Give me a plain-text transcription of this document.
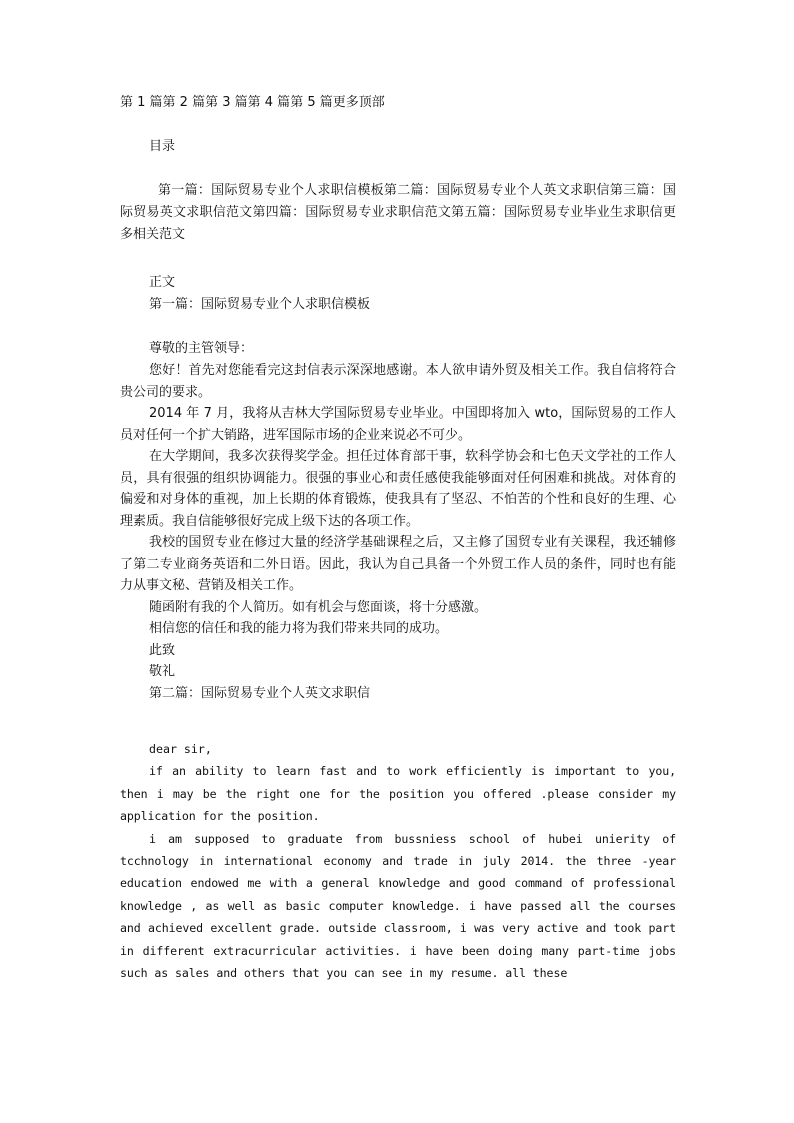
第 1 篇第 2 篇第 3 篇第 4 篇第 5 篇更多顶部
目录
第一篇：国际贸易专业个人求职信模板第二篇：国际贸易专业个人英文求职信第三篇：国际贸易英文求职信范文第四篇：国际贸易专业求职信范文第五篇：国际贸易专业毕业生求职信更多相关范文
正文
第一篇：国际贸易专业个人求职信模板
尊敬的主管领导：
您好！首先对您能看完这封信表示深深地感谢。本人欲申请外贸及相关工作。我自信将符合贵公司的要求。
2014 年 7 月，我将从吉林大学国际贸易专业毕业。中国即将加入 wto，国际贸易的工作人员对任何一个扩大销路，进军国际市场的企业来说必不可少。
在大学期间，我多次获得奖学金。担任过体育部干事，软科学协会和七色天文学社的工作人员，具有很强的组织协调能力。很强的事业心和责任感使我能够面对任何困难和挑战。对体育的偏爱和对身体的重视，加上长期的体育锻炼，使我具有了坚忍、不怕苦的个性和良好的生理、心理素质。我自信能够很好完成上级下达的各项工作。
我校的国贸专业在修过大量的经济学基础课程之后，又主修了国贸专业有关课程，我还辅修了第二专业商务英语和二外日语。因此，我认为自己具备一个外贸工作人员的条件，同时也有能力从事文秘、营销及相关工作。
随函附有我的个人简历。如有机会与您面谈，将十分感激。
相信您的信任和我的能力将为我们带来共同的成功。
此致
敬礼
第二篇：国际贸易专业个人英文求职信
dear sir,
if an ability to learn fast and to work efficiently is important to you, then i may be the right one for the position you offered .please consider my application for the position.
i am supposed to graduate from bussniess school of hubei unierity of tcchnology in international economy and trade in july 2014. the three -year education endowed me with a general knowledge and good command of professional knowledge , as well as basic computer knowledge. i have passed all the courses and achieved excellent grade. outside classroom, i was very active and took part in different extracurricular activities. i have been doing many part-time jobs such as sales and others that you can see in my resume. all these
